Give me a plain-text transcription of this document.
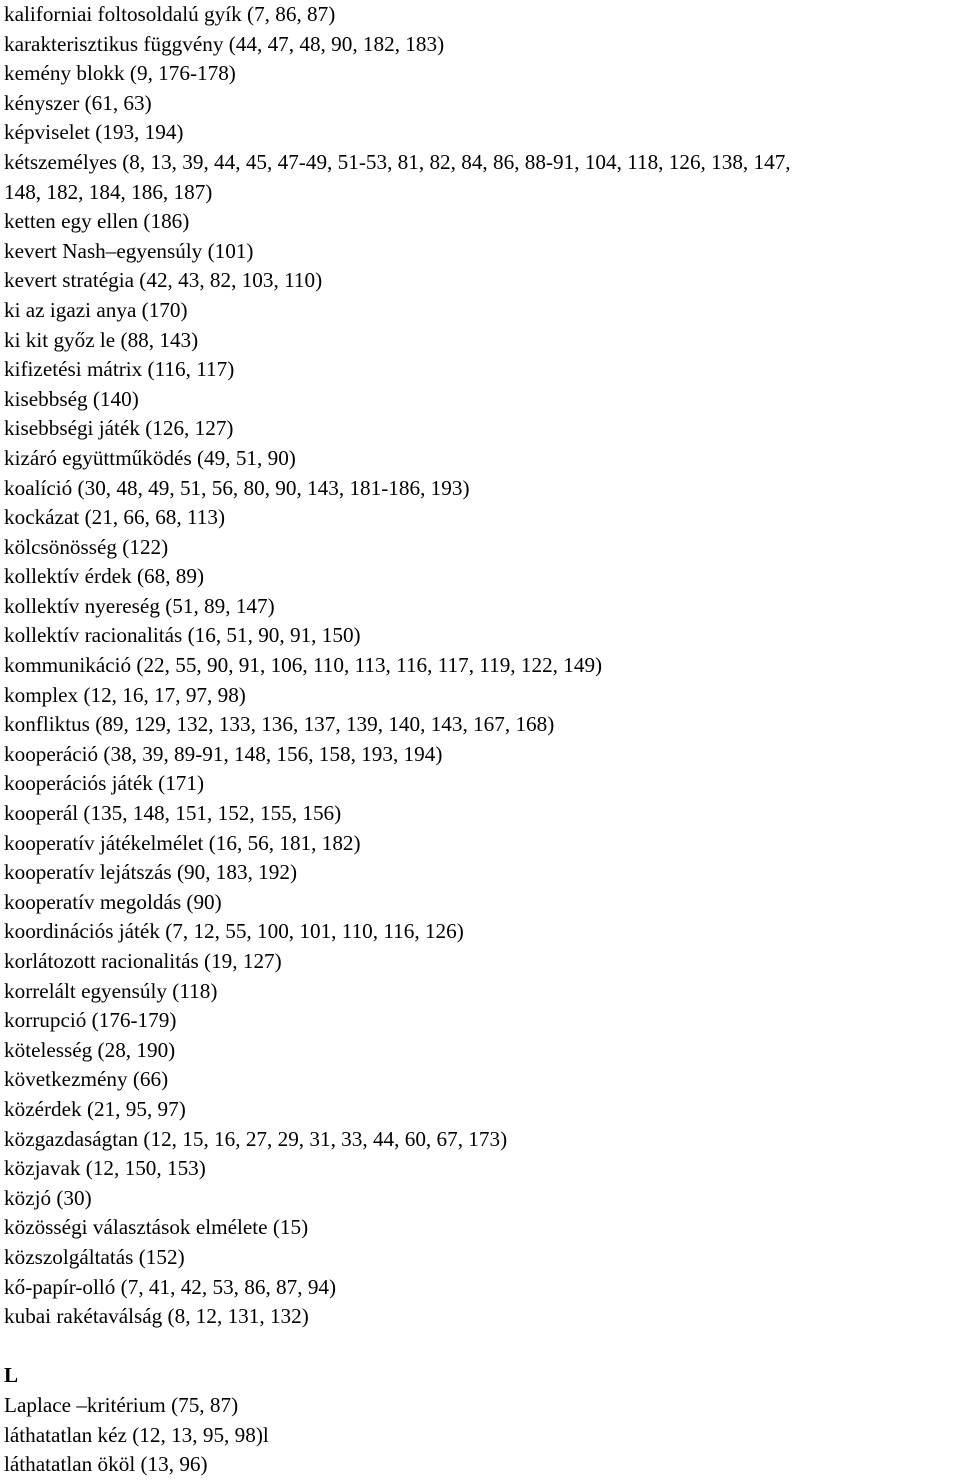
kaliforniai foltosoldalú gyík (7, 86, 87)
karakterisztikus függvény (44, 47, 48, 90, 182, 183)
kemény blokk (9, 176-178)
kényszer (61, 63)
képviselet (193, 194)
kétszemélyes (8, 13, 39, 44, 45, 47-49, 51-53, 81, 82, 84, 86, 88-91, 104, 118, 126, 138, 147,
148, 182, 184, 186, 187)
ketten egy ellen (186)
kevert Nash–egyensúly (101)
kevert stratégia (42, 43, 82, 103, 110)
ki az igazi anya (170)
ki kit győz le (88, 143)
kifizetési mátrix (116, 117)
kisebbség (140)
kisebbségi játék (126, 127)
kizáró együttműködés (49, 51, 90)
koalíció (30, 48, 49, 51, 56, 80, 90, 143, 181-186, 193)
kockázat (21, 66, 68, 113)
kölcsönösség (122)
kollektív érdek (68, 89)
kollektív nyereség (51, 89, 147)
kollektív racionalitás (16, 51, 90, 91, 150)
kommunikáció (22, 55, 90, 91, 106, 110, 113, 116, 117, 119, 122, 149)
komplex (12, 16, 17, 97, 98)
konfliktus (89, 129, 132, 133, 136, 137, 139, 140, 143, 167, 168)
kooperáció (38, 39, 89-91, 148, 156, 158, 193, 194)
kooperációs játék (171)
kooperál (135, 148, 151, 152, 155, 156)
kooperatív játékelmélet (16, 56, 181, 182)
kooperatív lejátszás (90, 183, 192)
kooperatív megoldás (90)
koordinációs játék (7, 12, 55, 100, 101, 110, 116, 126)
korlátozott racionalitás (19, 127)
korrelált egyensúly (118)
korrupció (176-179)
kötelesség (28, 190)
következmény (66)
közérdek (21, 95, 97)
közgazdaságtan (12, 15, 16, 27, 29, 31, 33, 44, 60, 67, 173)
közjavak (12, 150, 153)
közjó (30)
közösségi választások elmélete (15)
közszolgáltatás (152)
kő-papír-olló (7, 41, 42, 53, 86, 87, 94)
kubai rakétaválság (8, 12, 131, 132)
L
Laplace –kritérium (75, 87)
láthatatlan kéz (12, 13, 95, 98)l
láthatatlan ököl (13, 96)
